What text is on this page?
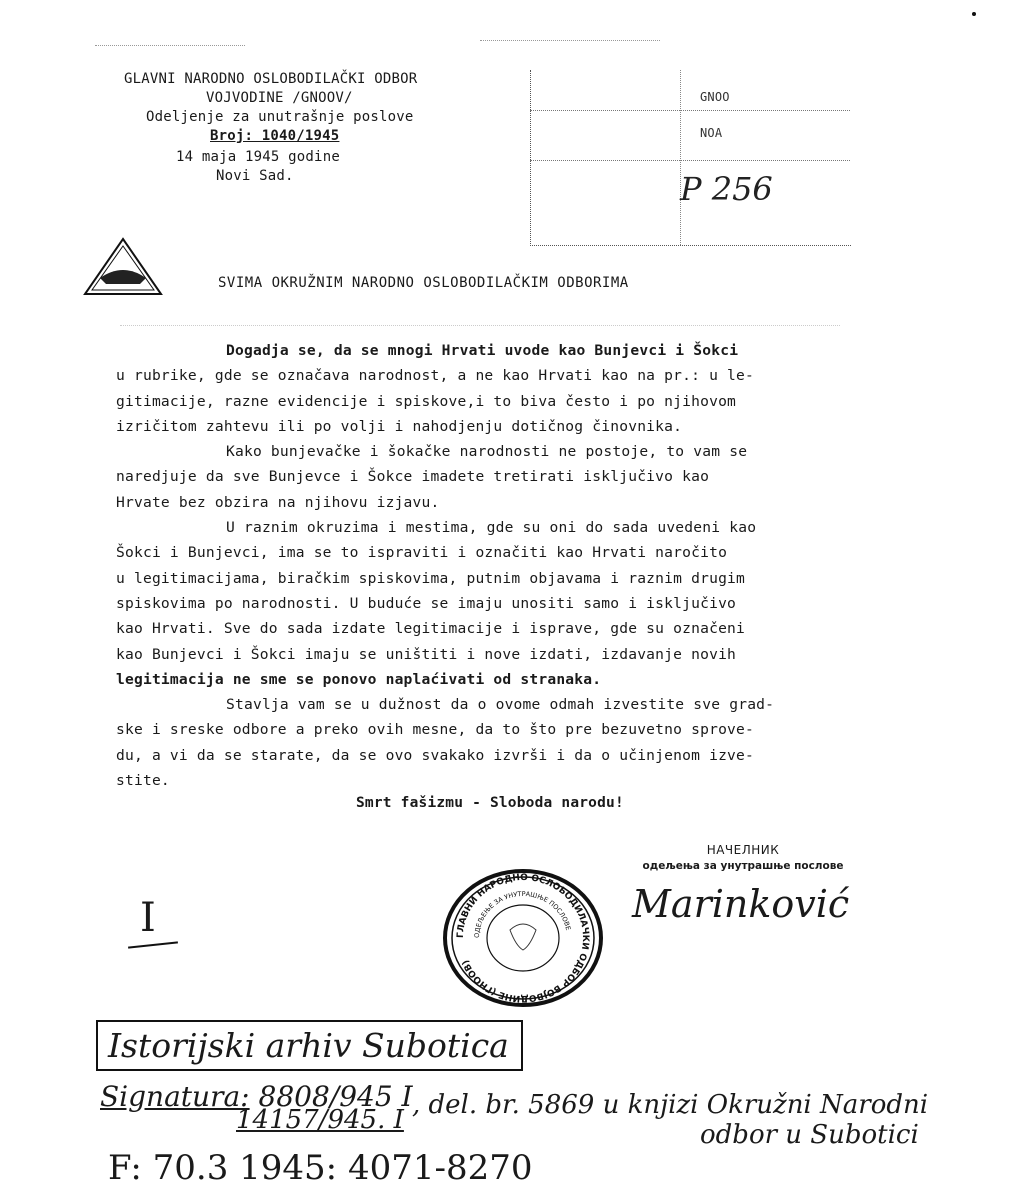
GLAVNI NARODNO OSLOBODILAČKI ODBOR
VOJVODINE /GNOOV/
Odeljenje za unutrašnje poslove
Broj: 1040/1945
14 maja 1945 godine
Novi Sad.
GNOO
NOA
P 256
SVIMA OKRUŽNIM NARODNO OSLOBODILAČKIM ODBORIMA
Dogadja se, da se mnogi Hrvati uvode kao Bunjevci i Šokci
u rubrike, gde se označava narodnost, a ne kao Hrvati kao na pr.: u le-
gitimacije, razne evidencije i spiskove,i to biva često i po njihovom
izričitom zahtevu ili po volji i nahodjenju dotičnog činovnika.
Kako bunjevačke i šokačke narodnosti ne postoje, to vam se
naredjuje da sve Bunjevce i Šokce imadete tretirati isključivo kao
Hrvate bez obzira na njihovu izjavu.
U raznim okruzima i mestima, gde su oni do sada uvedeni kao
Šokci i Bunjevci, ima se to ispraviti i označiti kao Hrvati naročito
u legitimacijama, biračkim spiskovima, putnim objavama i raznim drugim
spiskovima po narodnosti. U buduće se imaju unositi samo i isključivo
kao Hrvati. Sve do sada izdate legitimacije i isprave, gde su označeni
kao Bunjevci i Šokci imaju se uništiti i nove izdati, izdavanje novih
legitimacija ne sme se ponovo naplaćivati od stranaka.
Stavlja vam se u dužnost da o ovome odmah izvestite sve grad-
ske i sreske odbore a preko ovih mesne, da to što pre bezuvetno sprove-
du, a vi da se starate, da se ovo svakako izvrši i da o učinjenom izve-
stite.
Smrt fašizmu - Sloboda narodu!
НАЧЕЛНИК
одељења за унутрашње послове
Marinković
ГЛАВНИ НАРОДНО ОСЛОБОДИЛАЧКИ ОДБОР ВОЈВОДИНЕ (ГНООВ)
ОДЕЉЕЊЕ ЗА УНУТРАШЊЕ ПОСЛОВЕ
I
Istorijski arhiv Subotica
Signatura: 8808/945 I
14157/945. I , del. br. 5869 u knjizi Okružni Narodni
odbor u Subotici
F: 70.3 1945: 4071-8270
